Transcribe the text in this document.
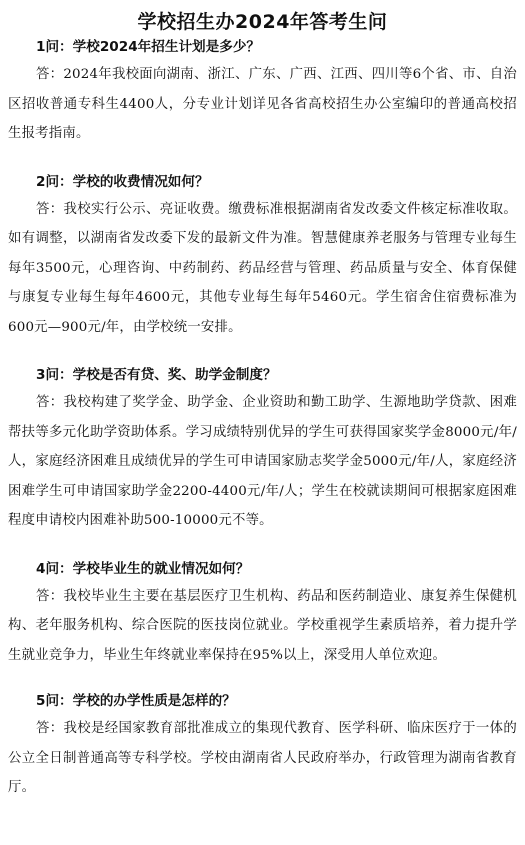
学校招生办2024年答考生问

1问：学校2024年招生计划是多少？

答：2024年我校面向湖南、浙江、广东、广西、江西、四川等6个省、市、自治区招收普通专科生4400人，分专业计划详见各省高校招生办公室编印的普通高校招生报考指南。

2问：学校的收费情况如何？

答：我校实行公示、亮证收费。缴费标准根据湖南省发改委文件核定标准收取。如有调整，以湖南省发改委下发的最新文件为准。智慧健康养老服务与管理专业每生每年3500元，心理咨询、中药制药、药品经营与管理、药品质量与安全、体育保健与康复专业每生每年4600元，其他专业每生每年5460元。学生宿舍住宿费标准为600元—900元/年，由学校统一安排。

3问：学校是否有贷、奖、助学金制度？

答：我校构建了奖学金、助学金、企业资助和勤工助学、生源地助学贷款、困难帮扶等多元化助学资助体系。学习成绩特别优异的学生可获得国家奖学金8000元/年/人，家庭经济困难且成绩优异的学生可申请国家励志奖学金5000元/年/人，家庭经济困难学生可申请国家助学金2200-4400元/年/人；学生在校就读期间可根据家庭困难程度申请校内困难补助500-10000元不等。

4问：学校毕业生的就业情况如何？

答：我校毕业生主要在基层医疗卫生机构、药品和医药制造业、康复养生保健机构、老年服务机构、综合医院的医技岗位就业。学校重视学生素质培养，着力提升学生就业竞争力，毕业生年终就业率保持在95%以上，深受用人单位欢迎。

5问：学校的办学性质是怎样的？

答：我校是经国家教育部批准成立的集现代教育、医学科研、临床医疗于一体的公立全日制普通高等专科学校。学校由湖南省人民政府举办，行政管理为湖南省教育厅。
